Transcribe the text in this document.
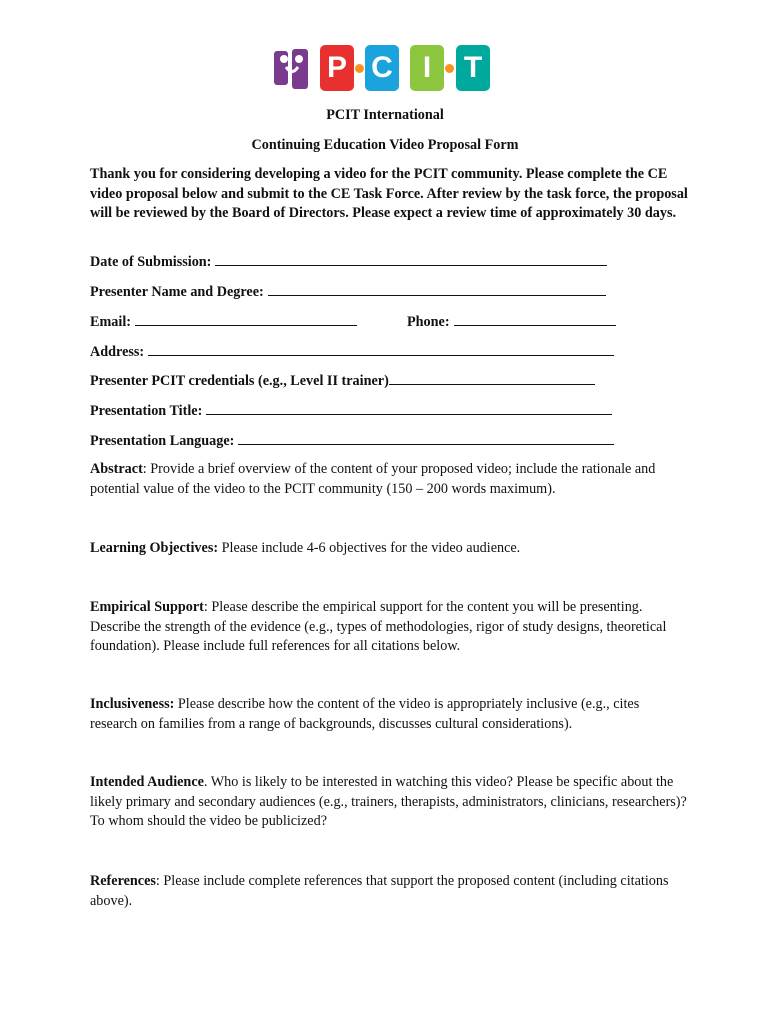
P C	I	T
PCIT International
Continuing Education Video Proposal Form
Thank you for considering developing a video for the PCIT community. Please complete the CE video proposal below and submit to the CE Task Force. After review by the task force, the proposal will be reviewed by the Board of Directors. Please expect a review time of approximately 30 days.
Date of Submission:
Presenter Name and Degree:
Email:	Phone:
Address:
Presenter PCIT credentials (e.g., Level II trainer)
Presentation Title:
Presentation Language:
Abstract: Provide a brief overview of the content of your proposed video; include the rationale and potential value of the video to the PCIT community (150 – 200 words maximum).
Learning Objectives: Please include 4-6 objectives for the video audience.
Empirical Support: Please describe the empirical support for the content you will be presenting. Describe the strength of the evidence (e.g., types of methodologies, rigor of study designs, theoretical foundation). Please include full references for all citations below.
Inclusiveness: Please describe how the content of the video is appropriately inclusive (e.g., cites research on families from a range of backgrounds, discusses cultural considerations).
Intended Audience. Who is likely to be interested in watching this video? Please be specific about the likely primary and secondary audiences (e.g., trainers, therapists, administrators, clinicians, researchers)? To whom should the video be publicized?
References: Please include complete references that support the proposed content (including citations above).
